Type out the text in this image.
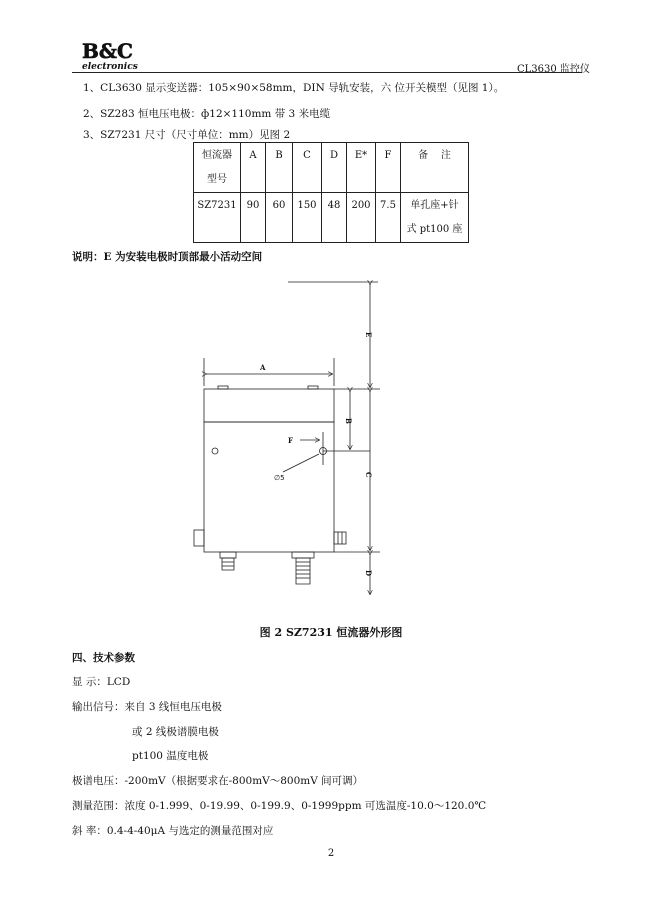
B&C
electronics	CL3630 监控仪
1、CL3630 显示变送器：105×90×58mm，DIN 导轨安装，六 位开关模型（见图 1）。
2、SZ283 恒电压电极：ф12×110mm 带 3 米电缆
3、SZ7231 尺寸（尺寸单位：mm）见图 2
恒流器
型号	A	B	C	D	E*	F	备    注

SZ7231	90	60	150	48	200	7.5	单孔座+针
式 pt100 座
说明：E 为安装电极时顶部最小活动空间
A
E
B
C
D
F
∅5
图 2 SZ7231 恒流器外形图
四、技术参数
显 示：LCD
输出信号：来自 3 线恒电压电极
或 2 线极谱膜电极
pt100 温度电极
极谱电压：-200mV（根据要求在-800mV～800mV 间可调）
测量范围：浓度 0-1.999、0-19.99、0-199.9、0-1999ppm 可选温度-10.0～120.0℃
斜 率：0.4-4-40μA 与选定的测量范围对应
2
